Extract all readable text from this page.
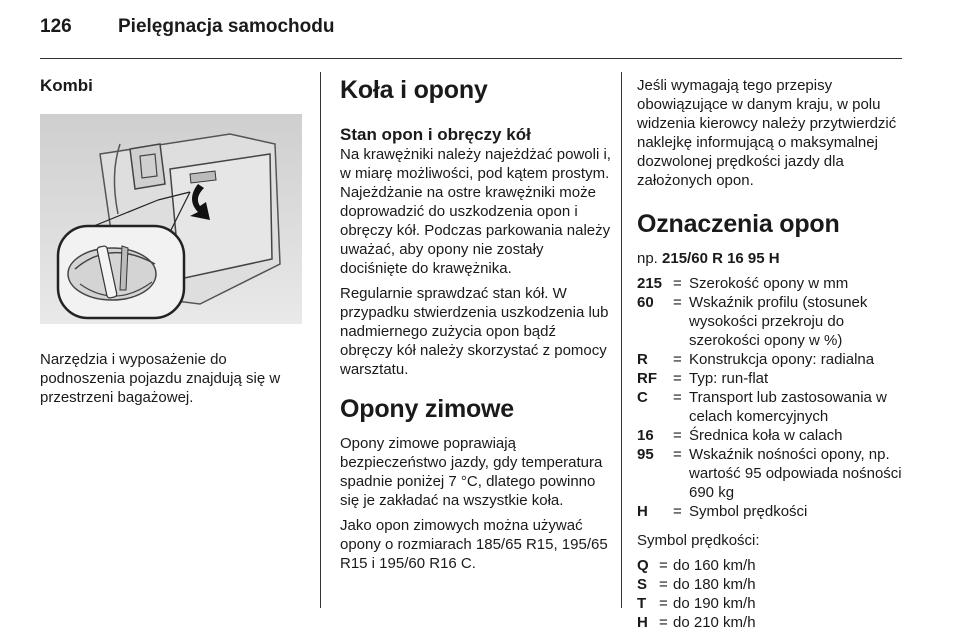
126 Pielęgnacja samochodu
Kombi

Narzędzia i wyposażenie do podnoszenia pojazdu znajdują się w przestrzeni bagażowej.

Koła i opony
Stan opon i obręczy kół

Na krawężniki należy najeżdżać powoli i, w miarę możliwości, pod kątem prostym. Najeżdżanie na ostre krawężniki może doprowadzić do uszkodzenia opon i obręczy kół. Podczas parkowania należy uważać, aby opony nie zostały dociśnięte do krawężnika.

Regularnie sprawdzać stan kół. W przypadku stwierdzenia uszkodzenia lub nadmiernego zużycia opon bądź obręczy kół należy skorzystać z pomocy warsztatu.

Opony zimowe

Opony zimowe poprawiają bezpieczeństwo jazdy, gdy temperatura spadnie poniżej 7 °C, dlatego powinno się je zakładać na wszystkie koła.

Jako opon zimowych można używać opony o rozmiarach 185/65 R15, 195/65 R15 i 195/60 R16 C.

Jeśli wymagają tego przepisy obowiązujące w danym kraju, w polu widzenia kierowcy należy przytwierdzić naklejkę informującą o maksymalnej dozwolonej prędkości jazdy dla założonych opon.

Oznaczenia opon
np. 215/60 R 16 95 H
215	=	Szerokość opony w mm
60	=	Wskaźnik profilu (stosunek wysokości przekroju do szerokości opony w %)
R	=	Konstrukcja opony: radialna
RF	=	Typ: run-flat
C	=	Transport lub zastosowania w celach komercyjnych
16	=	Średnica koła w calach
95	=	Wskaźnik nośności opony, np. wartość 95 odpowiada nośności 690 kg
H	=	Symbol prędkości
Symbol prędkości:
Q	=	do 160 km/h
S	=	do 180 km/h
T	=	do 190 km/h
H	=	do 210 km/h
